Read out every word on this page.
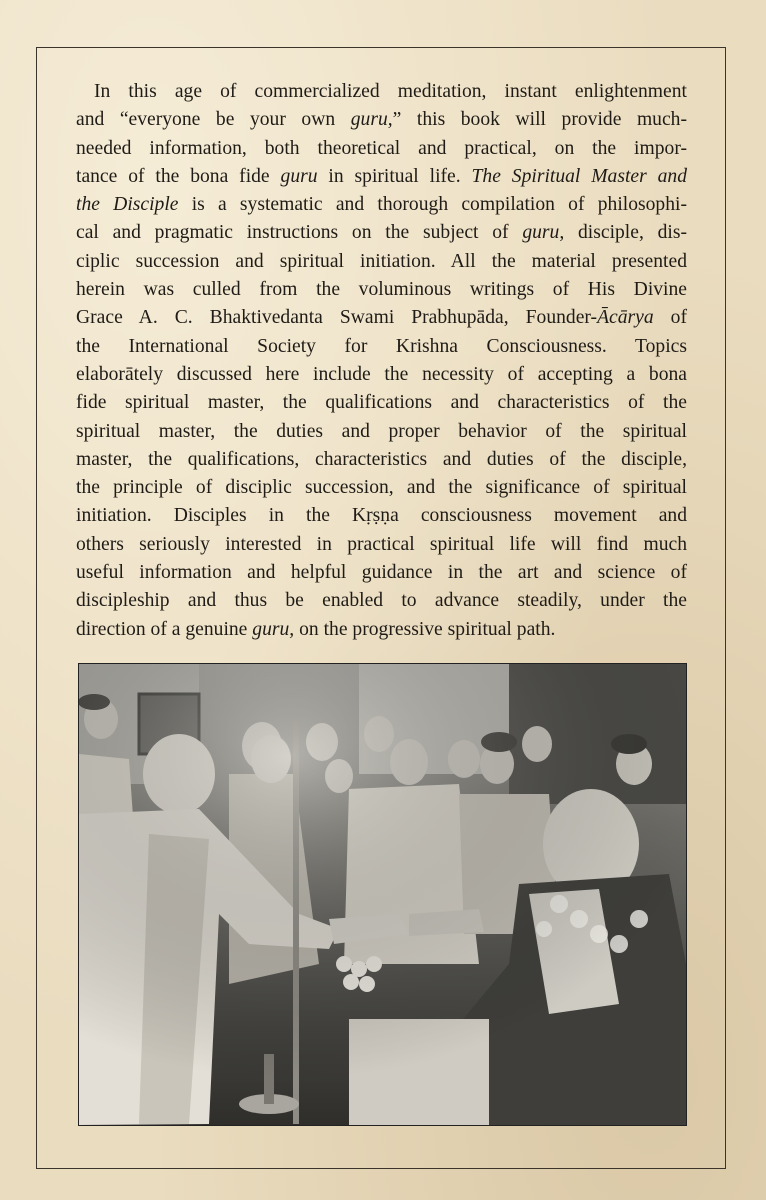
In this age of commercialized meditation, instant enlightenment
and “everyone be your own guru,” this book will provide much-
needed information, both theoretical and practical, on the impor-
tance of the bona fide guru in spiritual life. The Spiritual Master and
the Disciple is a systematic and thorough compilation of philosophi-
cal and pragmatic instructions on the subject of guru, disciple, dis-
ciplic succession and spiritual initiation. All the material presented
herein was culled from the voluminous writings of His Divine
Grace A. C. Bhaktivedanta Swami Prabhupāda, Founder-Ācārya of
the International Society for Krishna Consciousness. Topics
elaborātely discussed here include the necessity of accepting a bona
fide spiritual master, the qualifications and characteristics of the
spiritual master, the duties and proper behavior of the spiritual
master, the qualifications, characteristics and duties of the disciple,
the principle of disciplic succession, and the significance of spiritual
initiation. Disciples in the Kṛṣṇa consciousness movement and
others seriously interested in practical spiritual life will find much
useful information and helpful guidance in the art and science of
discipleship and thus be enabled to advance steadily, under the
direction of a genuine guru, on the progressive spiritual path.
